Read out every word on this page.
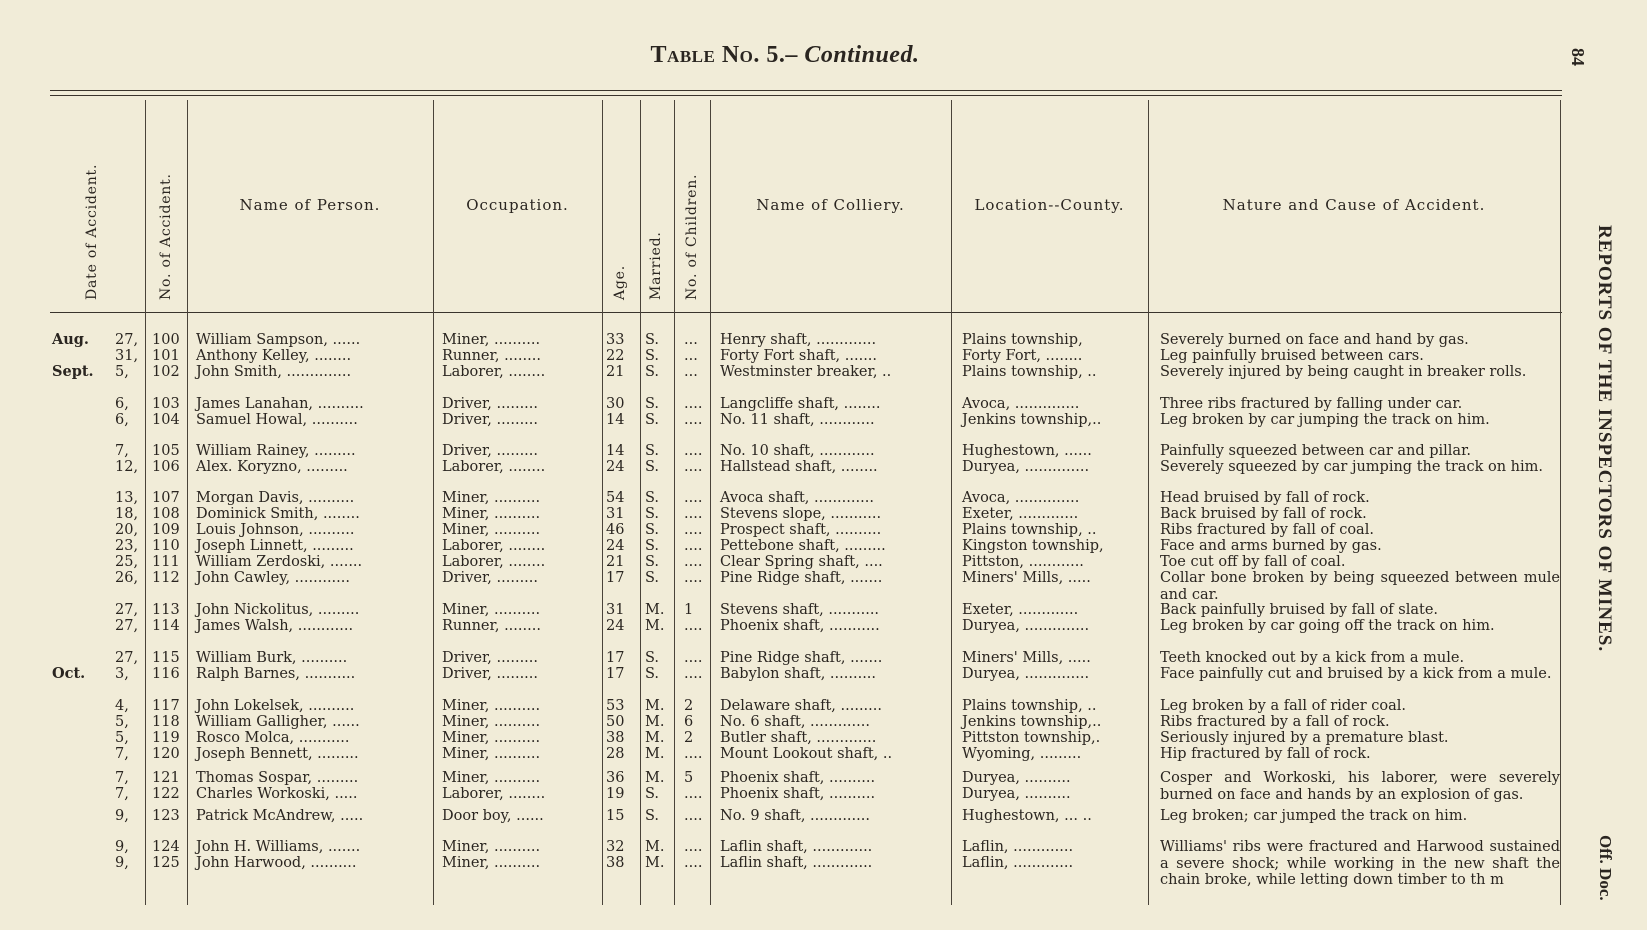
Table No. 5.– Continued.	84
REPORTS OF THE INSPECTORS OF MINES.
Off. Doc.
Date of Accident.	No. of Accident.	Name of Person.	Occupation.
Age. Married. No. of Children.	Name of Colliery.	Location--County.	Nature and Cause of Accident.
Aug. 27, 100 William Sampson, ......	Miner, ..........	33 S. ... Henry shaft, .............	Plains township,	Severely burned on face and hand by gas.
31, 101 Anthony Kelley, ........	Runner, ........	22 S. ... Forty Fort shaft, .......	Forty Fort, ........	Leg painfully bruised between cars.
Sept. 5, 102 John Smith, ..............	Laborer, ........	21 S. ... Westminster breaker, ..	Plains township, ..	Severely injured by being caught in breaker rolls.
6, 103 James Lanahan, ..........	Driver, .........	30 S. .... Langcliffe shaft, ........	Avoca, ..............	Three ribs fractured by falling under car.
6, 104 Samuel Howal, ..........	Driver, .........	14 S. .... No. 11 shaft, ............	Jenkins township,..	Leg broken by car jumping the track on him.
7, 105 William Rainey, .........	Driver, .........	14 S. .... No. 10 shaft, ............	Hughestown, ......	Painfully squeezed between car and pillar.
12, 106 Alex. Koryzno, .........	Laborer, ........	24 S. .... Hallstead shaft, ........	Duryea, ..............	Severely squeezed by car jumping the track on him.
13, 107 Morgan Davis, ..........	Miner, ..........	54 S. .... Avoca shaft, .............	Avoca, ..............	Head bruised by fall of rock.
18, 108 Dominick Smith, ........	Miner, ..........	31 S. .... Stevens slope, ...........	Exeter, .............	Back bruised by fall of rock.
20, 109 Louis Johnson, ..........	Miner, ..........	46 S. .... Prospect shaft, ..........	Plains township, ..	Ribs fractured by fall of coal.
23, 110 Joseph Linnett, .........	Laborer, ........	24 S. .... Pettebone shaft, .........	Kingston township,	Face and arms burned by gas.
25, 111 William Zerdoski, .......	Laborer, ........	21 S. .... Clear Spring shaft, ....	Pittston, ............	Toe cut off by fall of coal.
26, 112 John Cawley, ............	Driver, .........	17 S. .... Pine Ridge shaft, .......	Miners' Mills, .....	Collar bone broken by being squeezed between mule and car.
27, 113 John Nickolitus, .........	Miner, ..........	31 M. 1 Stevens shaft, ...........	Exeter, .............	Back painfully bruised by fall of slate.
27, 114 James Walsh, ............	Runner, ........	24 M. .... Phoenix shaft, ...........	Duryea, ..............	Leg broken by car going off the track on him.
27, 115 William Burk, ..........	Driver, .........	17 S. .... Pine Ridge shaft, .......	Miners' Mills, .....	Teeth knocked out by a kick from a mule.
Oct. 3, 116 Ralph Barnes, ...........	Driver, .........	17 S. .... Babylon shaft, ..........	Duryea, ..............	Face painfully cut and bruised by a kick from a mule.
4, 117 John Lokelsek, ..........	Miner, ..........	53 M. 2 Delaware shaft, .........	Plains township, ..	Leg broken by a fall of rider coal.
5, 118 William Galligher, ......	Miner, ..........	50 M. 6 No. 6 shaft, .............	Jenkins township,..	Ribs fractured by a fall of rock.
5, 119 Rosco Molca, ...........	Miner, ..........	38 M. 2 Butler shaft, .............	Pittston township,.	Seriously injured by a premature blast.
7, 120 Joseph Bennett, .........	Miner, ..........	28 M. .... Mount Lookout shaft, ..	Wyoming, .........	Hip fractured by fall of rock.
7, 121 Thomas Sospar, .........	Miner, ..........	36 M. 5 Phoenix shaft, ..........	Duryea, ..........	Cosper and Workoski, his laborer, were severely burned on face and hands by an explosion of gas.
7, 122 Charles Workoski, .....	Laborer, ........	19 S. .... Phoenix shaft, ..........	Duryea, ..........
9, 123 Patrick McAndrew, .....	Door boy, ......	15 S. .... No. 9 shaft, .............	Hughestown, ... ..	Leg broken; car jumped the track on him.
9, 124 John H. Williams, .......	Miner, ..........	32 M. .... Laflin shaft, .............	Laflin, .............	Williams' ribs were fractured and Harwood sustained a severe shock; while working in the new shaft the chain broke, while letting down timber to th m
9, 125 John Harwood, ..........	Miner, ..........	38 M. .... Laflin shaft, .............	Laflin, .............
